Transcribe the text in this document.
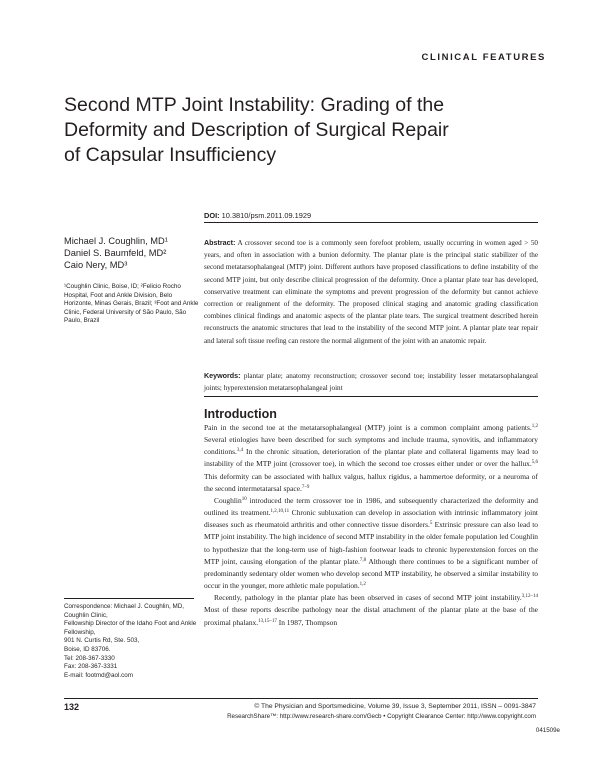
CLINICAL FEATURES
Second MTP Joint Instability: Grading of the
Deformity and Description of Surgical Repair
of Capsular Insufficiency
DOI: 10.3810/psm.2011.09.1929
Michael J. Coughlin, MD¹
Daniel S. Baumfeld, MD²
Caio Nery, MD³
¹Coughlin Clinic, Boise, ID; ²Felicio Rocho Hospital, Foot and Ankle Division, Belo Horizonte, Minas Gerais, Brazil; ³Foot and Ankle Clinic, Federal University of São Paulo, São Paulo, Brazil
Abstract: A crossover second toe is a commonly seen forefoot problem, usually occurring in women aged > 50 years, and often in association with a bunion deformity. The plantar plate is the principal static stabilizer of the second metatarsophalangeal (MTP) joint. Different authors have proposed classifications to define instability of the second MTP joint, but only describe clinical progression of the deformity. Once a plantar plate tear has developed, conservative treatment can eliminate the symptoms and prevent progression of the deformity but cannot achieve correction or realignment of the deformity. The proposed clinical staging and anatomic grading classification combines clinical findings and anatomic aspects of the plantar plate tears. The surgical treatment described herein reconstructs the anatomic structures that lead to the instability of the second MTP joint. A plantar plate tear repair and lateral soft tissue reefing can restore the normal alignment of the joint with an anatomic repair.
Keywords: plantar plate; anatomy reconstruction; crossover second toe; instability lesser metatarsophalangeal joints; hyperextension metatarsophalangeal joint
Introduction

Pain in the second toe at the metatarsophalangeal (MTP) joint is a common complaint among patients.$^{1,2}$ Several etiologies have been described for such symptoms and include trauma, synovitis, and inflammatory conditions.$^{3,4}$ In the chronic situation, deterioration of the plantar plate and collateral ligaments may lead to instability of the MTP joint (crossover toe), in which the second toe crosses either under or over the hallux.$^{5,6}$ This deformity can be associated with hallux valgus, hallux rigidus, a hammertoe deformity, or a neuroma of the second intermetatarsal space.$^{7-9}$

Coughlin$^{10}$ introduced the term crossover toe in 1986, and subsequently characterized the deformity and outlined its treatment.$^{1,2,10,11}$ Chronic subluxation can develop in association with intrinsic inflammatory joint diseases such as rheumatoid arthritis and other connective tissue disorders.$^5$ Extrinsic pressure can also lead to MTP joint instability. The high incidence of second MTP instability in the older female population led Coughlin to hypothesize that the long-term use of high-fashion footwear leads to chronic hyperextension forces on the MTP joint, causing elongation of the plantar plate.$^{7,8}$ Although there continues to be a significant number of predominantly sedentary older women who develop second MTP instability, he observed a similar instability to occur in the younger, more athletic male population.$^{1,2}$

Recently, pathology in the plantar plate has been observed in cases of second MTP joint instability.$^{3,12-14}$ Most of these reports describe pathology near the distal attachment of the plantar plate at the base of the proximal phalanx.$^{13,15-17}$ In 1987, Thompson

Correspondence: Michael J. Coughlin, MD,
Coughlin Clinic,
Fellowship Director of the Idaho Foot and Ankle Fellowship,
901 N. Curtis Rd, Ste. 503,
Boise, ID 83706.
Tel: 208-367-3330
Fax: 208-367-3331
E-mail: footmd@aol.com
132	© The Physician and Sportsmedicine, Volume 39, Issue 3, September 2011, ISSN – 0091-3847
ResearchShare™: http://www.research-share.com/Gecb • Copyright Clearance Center: http://www.copyright.com
041509e
